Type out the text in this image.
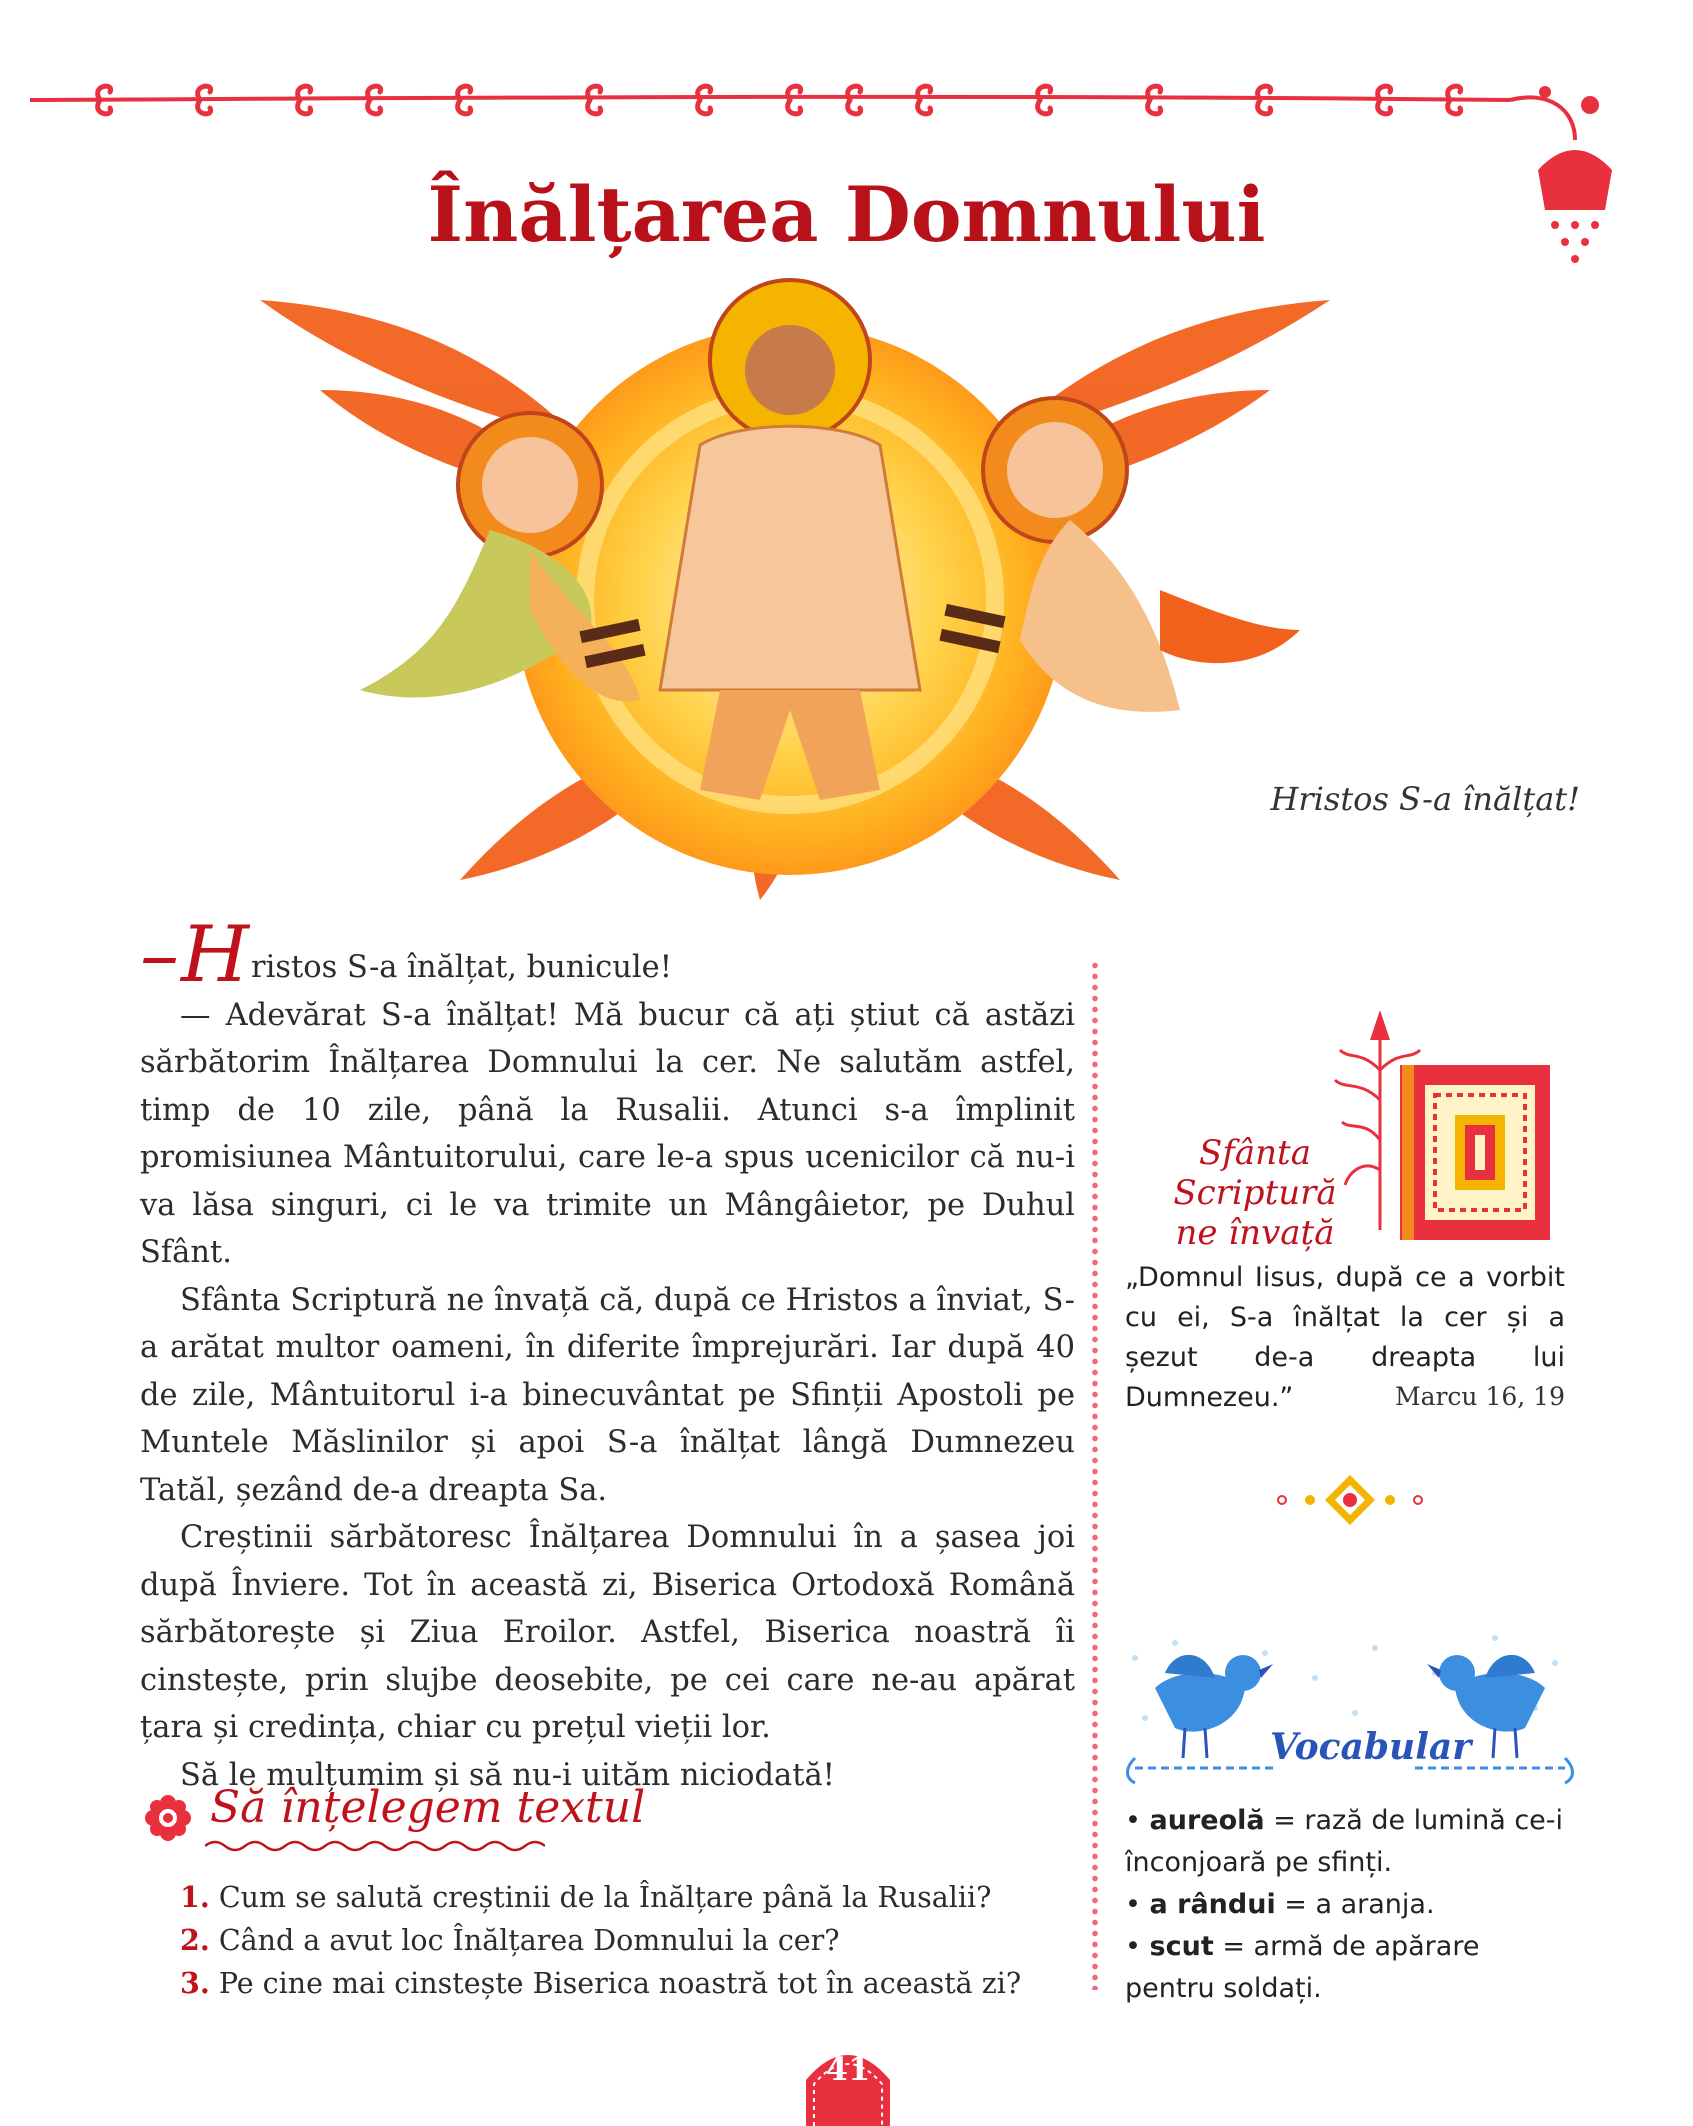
Înălțarea Domnului
Hristos S-a înălțat!

–Hristos S-a înălțat, bunicule!

— Adevărat S-a înălțat! Mă bucur că ați știut că astăzi sărbătorim Înălțarea Domnului la cer. Ne salutăm astfel, timp de 10 zile, până la Rusalii. Atunci s-a împlinit promisiunea Mântuitorului, care le-a spus ucenicilor că nu-i va lăsa singuri, ci le va trimite un Mângâietor, pe Duhul Sfânt.

Sfânta Scriptură ne învață că, după ce Hristos a înviat, S-a arătat multor oameni, în diferite împrejurări. Iar după 40 de zile, Mântuitorul i-a binecuvântat pe Sfinții Apostoli pe Muntele Măslinilor și apoi S-a înălțat lângă Dumnezeu Tatăl, șezând de-a dreapta Sa.

Creștinii sărbătoresc Înălțarea Domnului în a șasea joi după Înviere. Tot în această zi, Biserica Ortodoxă Română sărbătorește și Ziua Eroilor. Astfel, Biserica noastră îi cinstește, prin slujbe deosebite, pe cei care ne-au apărat țara și credința, chiar cu prețul vieții lor.

Să le mulțumim și să nu-i uităm niciodată!

Să înțelegem textul
1. Cum se salută creștinii de la Înălțare până la Rusalii?
2. Când a avut loc Înălțarea Domnului la cer?
3. Pe cine mai cinstește Biserica noastră tot în această zi?
41
Sfânta Scriptură
ne învață
„Domnul Iisus, după ce a vorbit cu ei, S-a înălțat la cer și a șezut de-a dreapta lui Dumnezeu.”	Marcu 16, 19
Vocabular
• aureolă = rază de lumină ce-i înconjoară pe sfinți.
• a rândui = a aranja.
• scut = armă de apărare pentru soldați.
